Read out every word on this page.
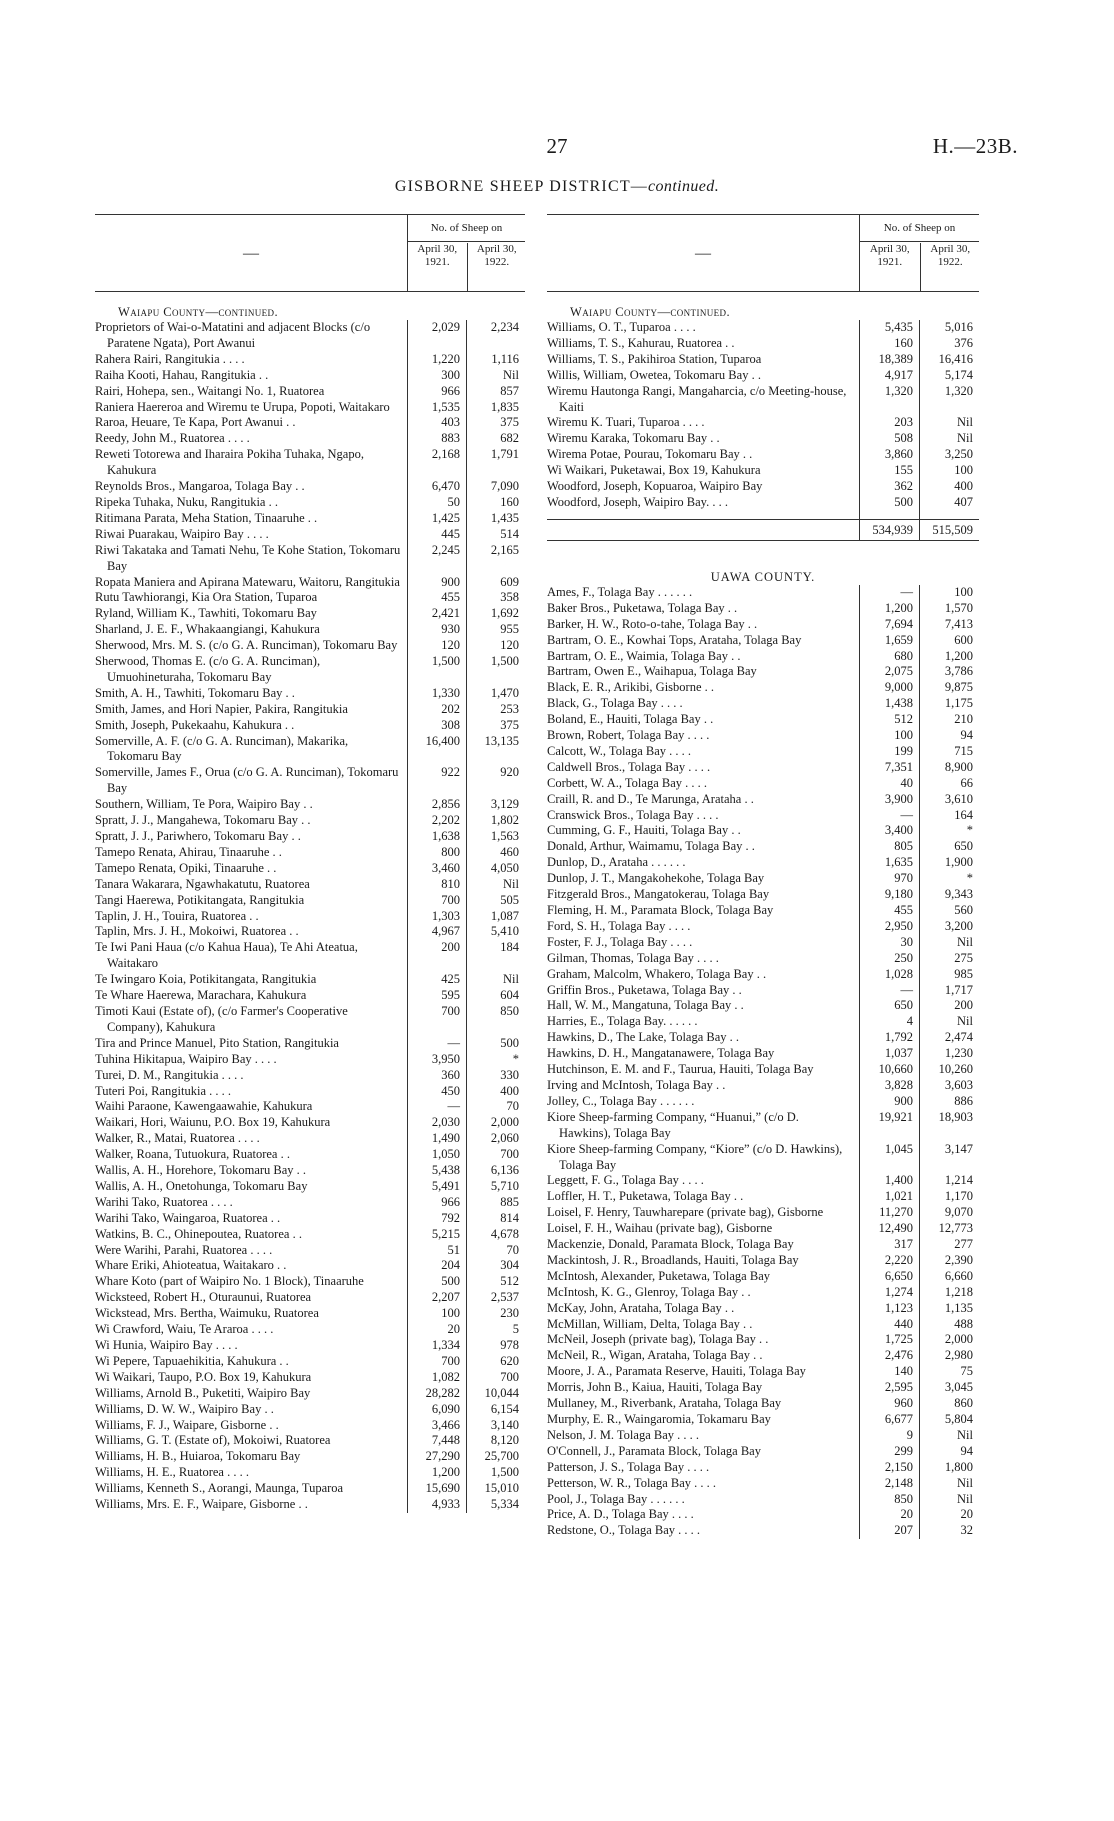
27	H.—23B.
GISBORNE SHEEP DISTRICT—continued.
—
No. of Sheep on
April 30, 1921.
April 30, 1922.
Waiapu County—continued.
Proprietors of Wai-o-Matatini and adjacent Blocks (c/o Paratene Ngata), Port Awanui
2,029	2,234
Rahera Rairi, Rangitukia . . . .	1,220	1,116
Raiha Kooti, Hahau, Rangitukia . .	300	Nil
Rairi, Hohepa, sen., Waitangi No. 1, Ruatorea	966	857
Raniera Haereroa and Wiremu te Urupa, Popoti, Waitakaro	1,535	1,835
Raroa, Heuare, Te Kapa, Port Awanui . .	403	375
Reedy, John M., Ruatorea . . . .	883	682
Reweti Totorewa and Iharaira Pokiha Tuhaka, Ngapo, Kahukura
2,168	1,791
Reynolds Bros., Mangaroa, Tolaga Bay . .	6,470	7,090
Ripeka Tuhaka, Nuku, Rangitukia . .	50	160
Ritimana Parata, Meha Station, Tinaaruhe . .	1,425	1,435
Riwai Puarakau, Waipiro Bay . . . .	445	514
Riwi Takataka and Tamati Nehu, Te Kohe Station, Tokomaru Bay
2,245	2,165
Ropata Maniera and Apirana Matewaru, Waitoru, Rangitukia	900	609
Rutu Tawhiorangi, Kia Ora Station, Tuparoa	455	358
Ryland, William K., Tawhiti, Tokomaru Bay	2,421	1,692
Sharland, J. E. F., Whakaangiangi, Kahukura	930	955
Sherwood, Mrs. M. S. (c/o G. A. Runciman), Tokomaru Bay	120	120
Sherwood, Thomas E. (c/o G. A. Runciman), Umuohineturaha, Tokomaru Bay
1,500	1,500
Smith, A. H., Tawhiti, Tokomaru Bay . .	1,330	1,470
Smith, James, and Hori Napier, Pakira, Rangitukia	202	253
Smith, Joseph, Pukekaahu, Kahukura . .	308	375
Somerville, A. F. (c/o G. A. Runciman), Makarika, Tokomaru Bay
16,400	13,135
Somerville, James F., Orua (c/o G. A. Runciman), Tokomaru Bay
922	920
Southern, William, Te Pora, Waipiro Bay . .	2,856	3,129
Spratt, J. J., Mangahewa, Tokomaru Bay . .	2,202	1,802
Spratt, J. J., Pariwhero, Tokomaru Bay . .	1,638	1,563
Tamepo Renata, Ahirau, Tinaaruhe . .	800	460
Tamepo Renata, Opiki, Tinaaruhe . .	3,460	4,050
Tanara Wakarara, Ngawhakatutu, Ruatorea	810	Nil
Tangi Haerewa, Potikitangata, Rangitukia	700	505
Taplin, J. H., Touira, Ruatorea . .	1,303	1,087
Taplin, Mrs. J. H., Mokoiwi, Ruatorea . .	4,967	5,410
Te Iwi Pani Haua (c/o Kahua Haua), Te Ahi Ateatua, Waitakaro
200	184
Te Iwingaro Koia, Potikitangata, Rangitukia	425	Nil
Te Whare Haerewa, Marachara, Kahukura	595	604
Timoti Kaui (Estate of), (c/o Farmer's Cooperative Company), Kahukura
700	850
Tira and Prince Manuel, Pito Station, Rangitukia	—	500
Tuhina Hikitapua, Waipiro Bay . . . .	3,950	*
Turei, D. M., Rangitukia . . . .	360	330
Tuteri Poi, Rangitukia . . . .	450	400
Waihi Paraone, Kawengaawahie, Kahukura	—	70
Waikari, Hori, Waiunu, P.O. Box 19, Kahukura	2,030	2,000
Walker, R., Matai, Ruatorea . . . .	1,490	2,060
Walker, Roana, Tutuokura, Ruatorea . .	1,050	700
Wallis, A. H., Horehore, Tokomaru Bay . .	5,438	6,136
Wallis, A. H., Onetohunga, Tokomaru Bay	5,491	5,710
Warihi Tako, Ruatorea . . . .	966	885
Warihi Tako, Waingaroa, Ruatorea . .	792	814
Watkins, B. C., Ohinepoutea, Ruatorea . .	5,215	4,678
Were Warihi, Parahi, Ruatorea . . . .	51	70
Whare Eriki, Ahioteatua, Waitakaro . .	204	304
Whare Koto (part of Waipiro No. 1 Block), Tinaaruhe	500	512
Wicksteed, Robert H., Oturaunui, Ruatorea	2,207	2,537
Wickstead, Mrs. Bertha, Waimuku, Ruatorea	100	230
Wi Crawford, Waiu, Te Araroa . . . .	20	5
Wi Hunia, Waipiro Bay . . . .	1,334	978
Wi Pepere, Tapuaehikitia, Kahukura . .	700	620
Wi Waikari, Taupo, P.O. Box 19, Kahukura	1,082	700
Williams, Arnold B., Puketiti, Waipiro Bay	28,282	10,044
Williams, D. W. W., Waipiro Bay . .	6,090	6,154
Williams, F. J., Waipare, Gisborne . .	3,466	3,140
Williams, G. T. (Estate of), Mokoiwi, Ruatorea	7,448	8,120
Williams, H. B., Huiaroa, Tokomaru Bay	27,290	25,700
Williams, H. E., Ruatorea . . . .	1,200	1,500
Williams, Kenneth S., Aorangi, Maunga, Tuparoa	15,690	15,010
Williams, Mrs. E. F., Waipare, Gisborne . .	4,933	5,334
—
No. of Sheep on
April 30, 1921.
April 30, 1922.
Waiapu County—continued.
Williams, O. T., Tuparoa . . . .	5,435	5,016
Williams, T. S., Kahurau, Ruatorea . .	160	376
Williams, T. S., Pakihiroa Station, Tuparoa	18,389	16,416
Willis, William, Owetea, Tokomaru Bay . .	4,917	5,174
Wiremu Hautonga Rangi, Mangaharcia, c/o Meeting-house, Kaiti
1,320	1,320
Wiremu K. Tuari, Tuparoa . . . .	203	Nil
Wiremu Karaka, Tokomaru Bay . .	508	Nil
Wirema Potae, Pourau, Tokomaru Bay . .	3,860	3,250
Wi Waikari, Puketawai, Box 19, Kahukura	155	100
Woodford, Joseph, Kopuaroa, Waipiro Bay	362	400
Woodford, Joseph, Waipiro Bay. . . .	500	407
534,939	515,509
UAWA COUNTY.
Ames, F., Tolaga Bay . . . . . .	—	100
Baker Bros., Puketawa, Tolaga Bay . .	1,200	1,570
Barker, H. W., Roto-o-tahe, Tolaga Bay . .	7,694	7,413
Bartram, O. E., Kowhai Tops, Arataha, Tolaga Bay	1,659	600
Bartram, O. E., Waimia, Tolaga Bay . .	680	1,200
Bartram, Owen E., Waihapua, Tolaga Bay	2,075	3,786
Black, E. R., Arikibi, Gisborne . .	9,000	9,875
Black, G., Tolaga Bay . . . .	1,438	1,175
Boland, E., Hauiti, Tolaga Bay . .	512	210
Brown, Robert, Tolaga Bay . . . .	100	94
Calcott, W., Tolaga Bay . . . .	199	715
Caldwell Bros., Tolaga Bay . . . .	7,351	8,900
Corbett, W. A., Tolaga Bay . . . .	40	66
Craill, R. and D., Te Marunga, Arataha . .	3,900	3,610
Cranswick Bros., Tolaga Bay . . . .	—	164
Cumming, G. F., Hauiti, Tolaga Bay . .	3,400	*
Donald, Arthur, Waimamu, Tolaga Bay . .	805	650
Dunlop, D., Arataha . . . . . .	1,635	1,900
Dunlop, J. T., Mangakohekohe, Tolaga Bay	970	*
Fitzgerald Bros., Mangatokerau, Tolaga Bay	9,180	9,343
Fleming, H. M., Paramata Block, Tolaga Bay	455	560
Ford, S. H., Tolaga Bay . . . .	2,950	3,200
Foster, F. J., Tolaga Bay . . . .	30	Nil
Gilman, Thomas, Tolaga Bay . . . .	250	275
Graham, Malcolm, Whakero, Tolaga Bay . .	1,028	985
Griffin Bros., Puketawa, Tolaga Bay . .	—	1,717
Hall, W. M., Mangatuna, Tolaga Bay . .	650	200
Harries, E., Tolaga Bay. . . . . .	4	Nil
Hawkins, D., The Lake, Tolaga Bay . .	1,792	2,474
Hawkins, D. H., Mangatanawere, Tolaga Bay	1,037	1,230
Hutchinson, E. M. and F., Taurua, Hauiti, Tolaga Bay	10,660	10,260
Irving and McIntosh, Tolaga Bay . .	3,828	3,603
Jolley, C., Tolaga Bay . . . . . .	900	886
Kiore Sheep-farming Company, “Huanui,” (c/o D. Hawkins), Tolaga Bay
19,921	18,903
Kiore Sheep-farming Company, “Kiore” (c/o D. Hawkins), Tolaga Bay
1,045	3,147
Leggett, F. G., Tolaga Bay . . . .	1,400	1,214
Loffler, H. T., Puketawa, Tolaga Bay . .	1,021	1,170
Loisel, F. Henry, Tauwharepare (private bag), Gisborne	11,270	9,070
Loisel, F. H., Waihau (private bag), Gisborne	12,490	12,773
Mackenzie, Donald, Paramata Block, Tolaga Bay	317	277
Mackintosh, J. R., Broadlands, Hauiti, Tolaga Bay	2,220	2,390
McIntosh, Alexander, Puketawa, Tolaga Bay	6,650	6,660
McIntosh, K. G., Glenroy, Tolaga Bay . .	1,274	1,218
McKay, John, Arataha, Tolaga Bay . .	1,123	1,135
McMillan, William, Delta, Tolaga Bay . .	440	488
McNeil, Joseph (private bag), Tolaga Bay . .	1,725	2,000
McNeil, R., Wigan, Arataha, Tolaga Bay . .	2,476	2,980
Moore, J. A., Paramata Reserve, Hauiti, Tolaga Bay	140	75
Morris, John B., Kaiua, Hauiti, Tolaga Bay	2,595	3,045
Mullaney, M., Riverbank, Arataha, Tolaga Bay	960	860
Murphy, E. R., Waingaromia, Tokamaru Bay	6,677	5,804
Nelson, J. M. Tolaga Bay . . . .	9	Nil
O'Connell, J., Paramata Block, Tolaga Bay	299	94
Patterson, J. S., Tolaga Bay . . . .	2,150	1,800
Petterson, W. R., Tolaga Bay . . . .	2,148	Nil
Pool, J., Tolaga Bay . . . . . .	850	Nil
Price, A. D., Tolaga Bay . . . .	20	20
Redstone, O., Tolaga Bay . . . .	207	32
